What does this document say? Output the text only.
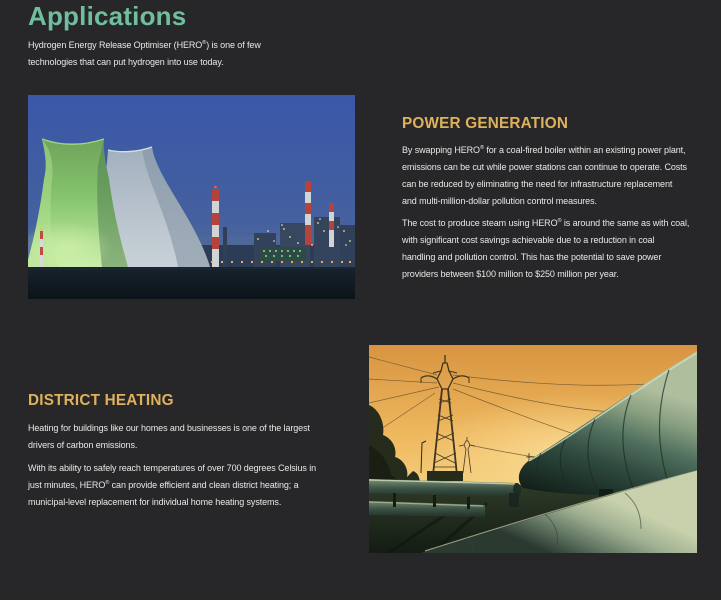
Applications

Hydrogen Energy Release Optimiser (HERO®) is one of few
technologies that can put hydrogen into use today.

POWER GENERATION

By swapping HERO® for a coal-fired boiler within an existing power plant,
emissions can be cut while power stations can continue to operate. Costs
can be reduced by eliminating the need for infrastructure replacement
and multi-million-dollar pollution control measures.

The cost to produce steam using HERO® is around the same as with coal,
with significant cost savings achievable due to a reduction in coal
handling and pollution control. This has the potential to save power
providers between $100 million to $250 million per year.

DISTRICT HEATING

Heating for buildings like our homes and businesses is one of the largest
drivers of carbon emissions.

With its ability to safely reach temperatures of over 700 degrees Celsius in
just minutes, HERO® can provide efficient and clean district heating; a
municipal-level replacement for individual home heating systems.
